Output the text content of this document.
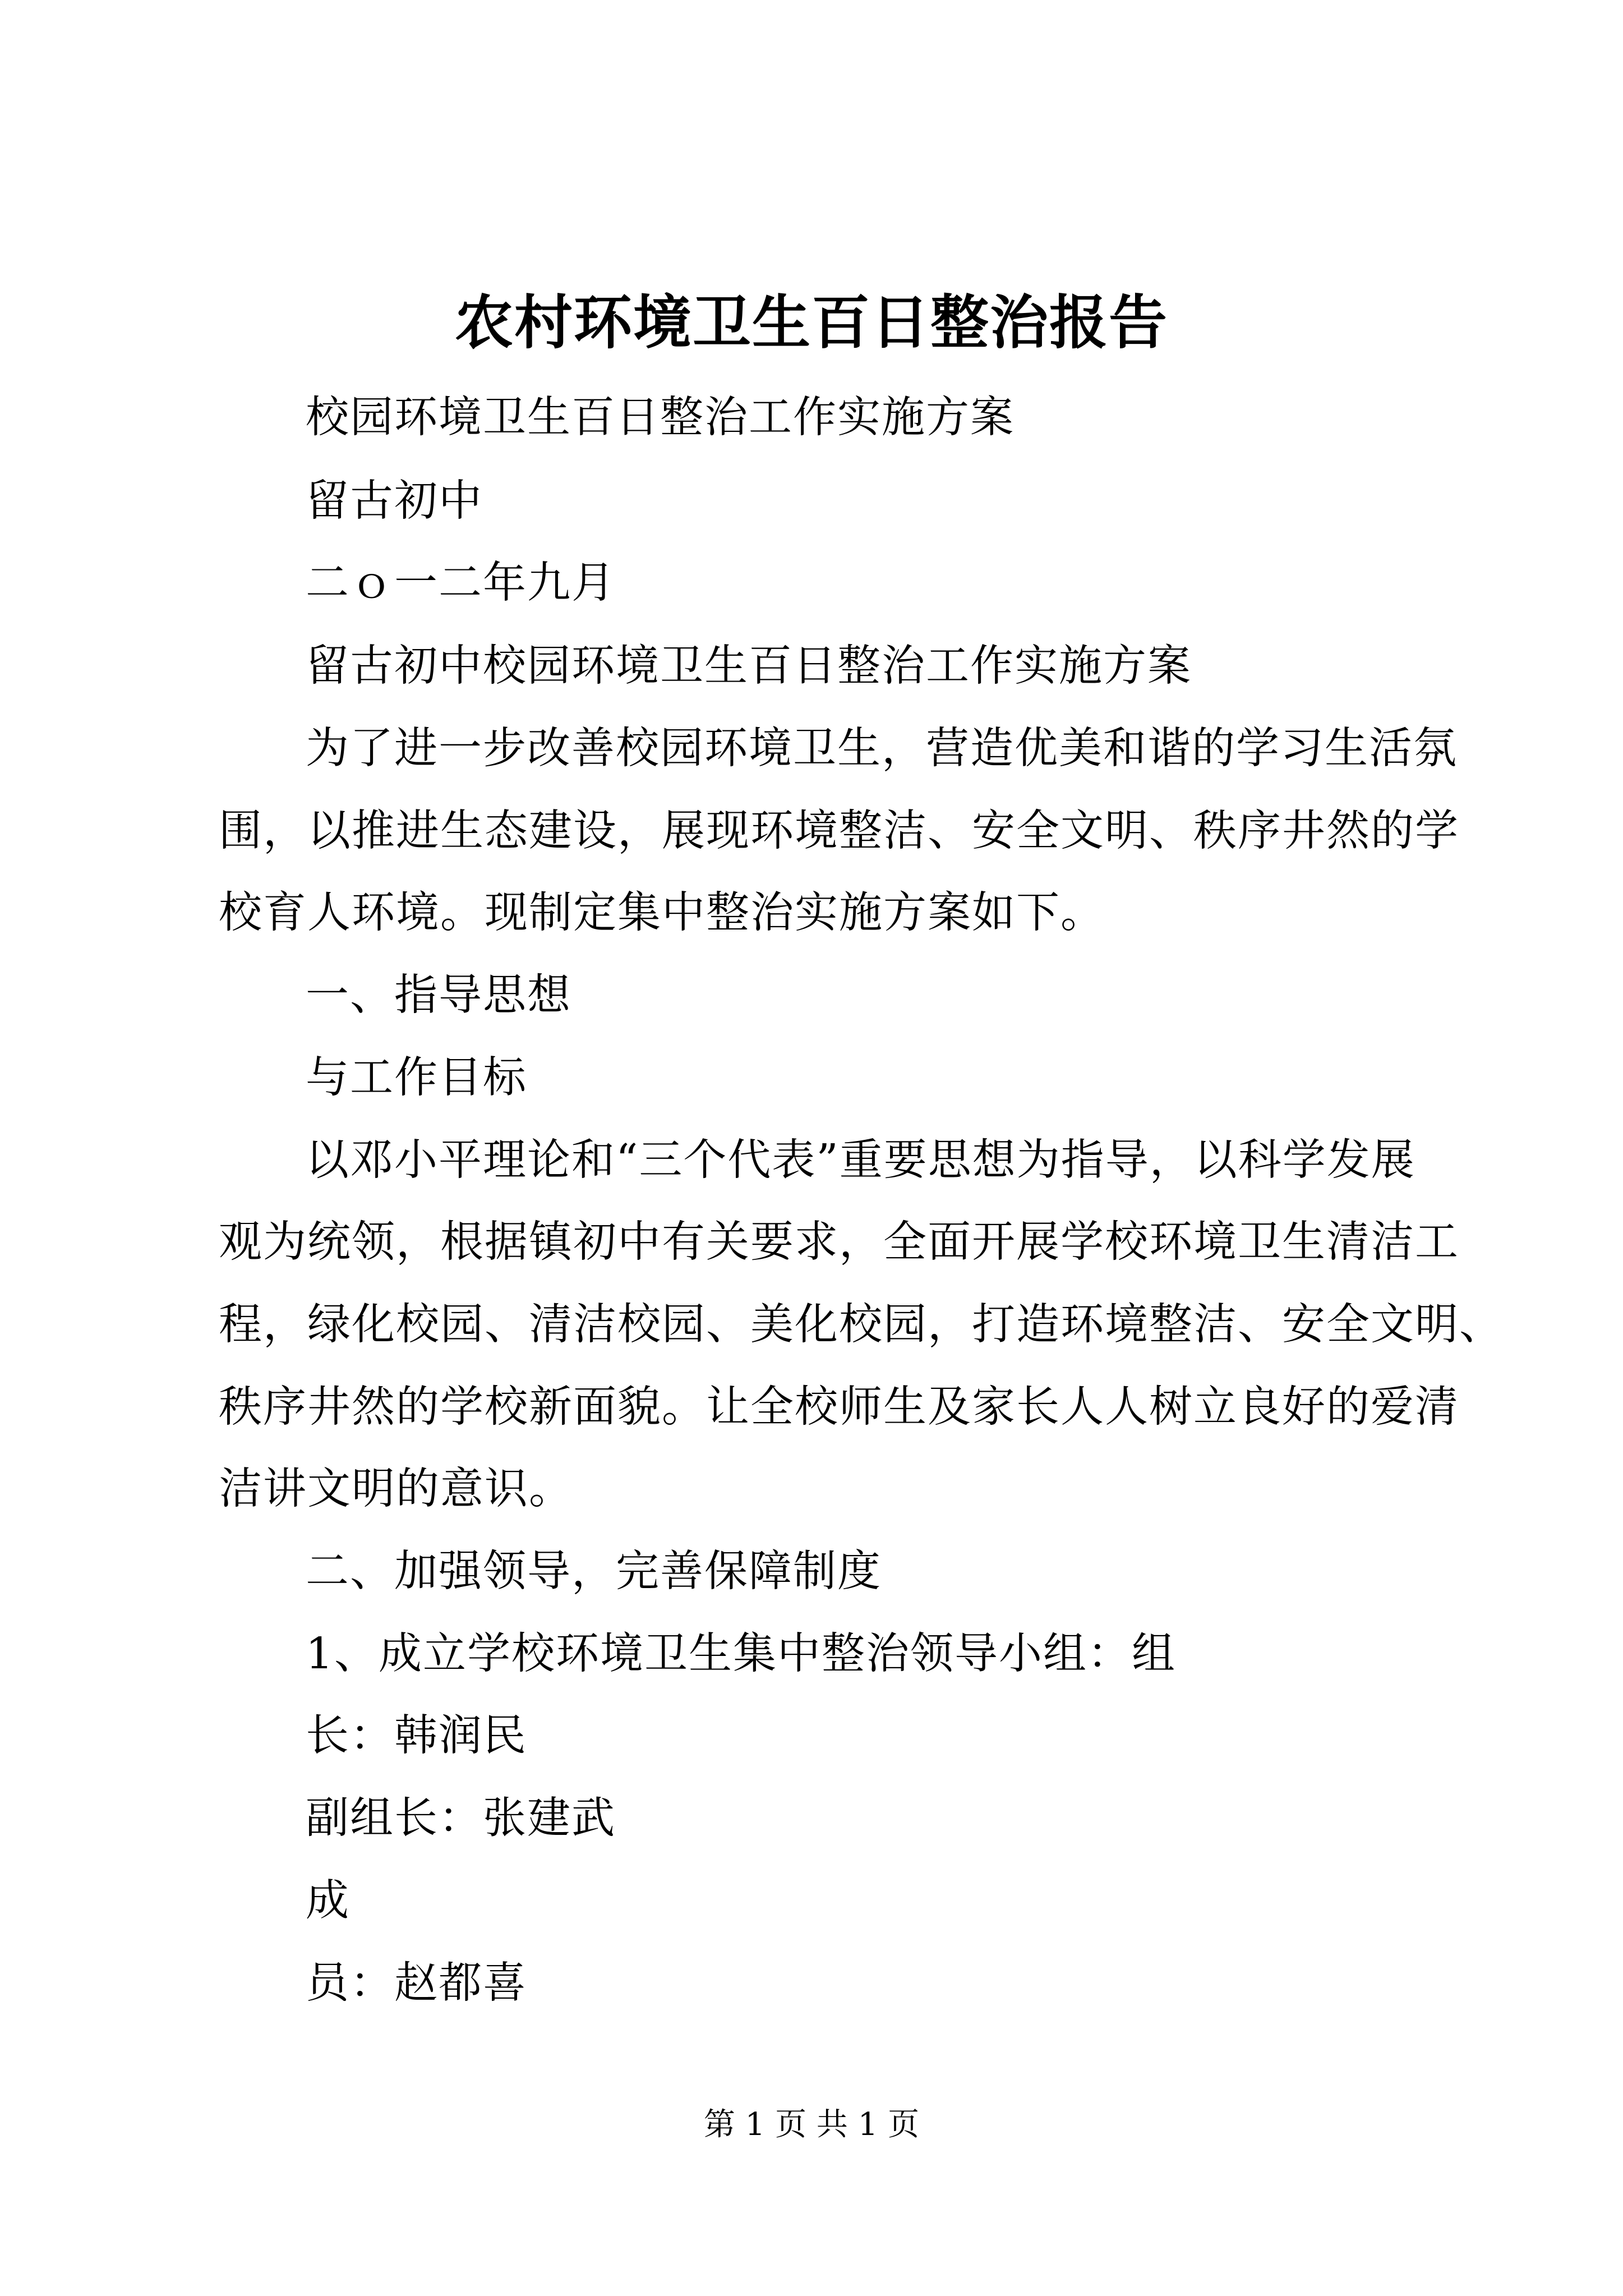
农村环境卫生百日整治报告
校园环境卫生百日整治工作实施方案
留古初中
二ｏ一二年九月
留古初中校园环境卫生百日整治工作实施方案
为了进一步改善校园环境卫生，营造优美和谐的学习生活氛
围，以推进生态建设，展现环境整洁、安全文明、秩序井然的学
校育人环境。现制定集中整治实施方案如下。
一、指导思想
与工作目标
以邓小平理论和“三个代表”重要思想为指导，以科学发展
观为统领，根据镇初中有关要求，全面开展学校环境卫生清洁工
程，绿化校园、清洁校园、美化校园，打造环境整洁、安全文明、
秩序井然的学校新面貌。让全校师生及家长人人树立良好的爱清
洁讲文明的意识。
二、加强领导，完善保障制度
1、成立学校环境卫生集中整治领导小组：组
长：韩润民
副组长：张建武
成
员：赵都喜
第 1 页 共 1 页
